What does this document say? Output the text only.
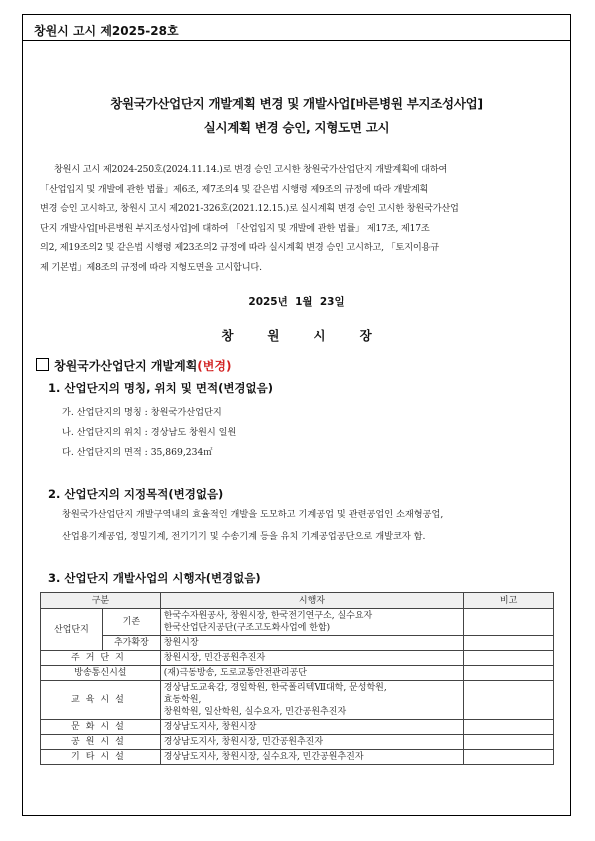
창원시 고시 제2025-28호
창원국가산업단지 개발계획 변경 및 개발사업[바른병원 부지조성사업]
실시계획 변경 승인, 지형도면 고시
창원시 고시 제2024-250호(2024.11.14.)로 변경 승인 고시한 창원국가산업단지 개발계획에 대하여
「산업입지 및 개발에 관한 법률」제6조, 제7조의4 및 같은법 시행령 제9조의 규정에 따라 개발계획
변경 승인 고시하고, 창원시 고시 제2021-326호(2021.12.15.)로 실시계획 변경 승인 고시한 창원국가산업
단지 개발사업[바른병원 부지조성사업]에 대하여 「산업입지 및 개발에 관한 법률」 제17조, 제17조
의2, 제19조의2 및 같은법 시행령 제23조의2 규정에 따라 실시계획 변경 승인 고시하고, 「토지이용규
제 기본법」제8조의 규정에 따라 지형도면을 고시합니다.
2025년  1월  23일
창원시장
창원국가산업단지 개발계획(변경)
1. 산업단지의 명칭, 위치 및 면적(변경없음)
가. 산업단지의 명칭 : 창원국가산업단지
나. 산업단지의 위치 : 경상남도 창원시 일원
다. 산업단지의 면적 : 35,869,234㎡
2. 산업단지의 지정목적(변경없음)
창원국가산업단지 개발구역내의 효율적인 개발을 도모하고 기계공업 및 관련공업인 소재형공업,
산업용기계공업, 정밀기계, 전기기기 및 수송기계 등을 유치 기계공업공단으로 개발코자 함.
3. 산업단지 개발사업의 시행자(변경없음)
구분		시행자	비고
산업단지	기존	한국수자원공사, 창원시장, 한국전기연구소, 실수요자
한국산업단지공단(구조고도화사업에 한함)	
	추가확장	창원시장	
주거단지		창원시장, 민간공원추진자	
방송통신시설		(재)극동방송, 도로교통안전관리공단	
교육시설		경상남도교육감, 경일학원, 한국폴리텍Ⅶ대학, 문성학원,
효동학원,
창원학원, 일산학원, 실수요자, 민간공원추진자	
문화시설		경상남도지사, 창원시장	
공원시설		경상남도지사, 창원시장, 민간공원추진자	
기타시설		경상남도지사, 창원시장, 실수요자, 민간공원추진자	
